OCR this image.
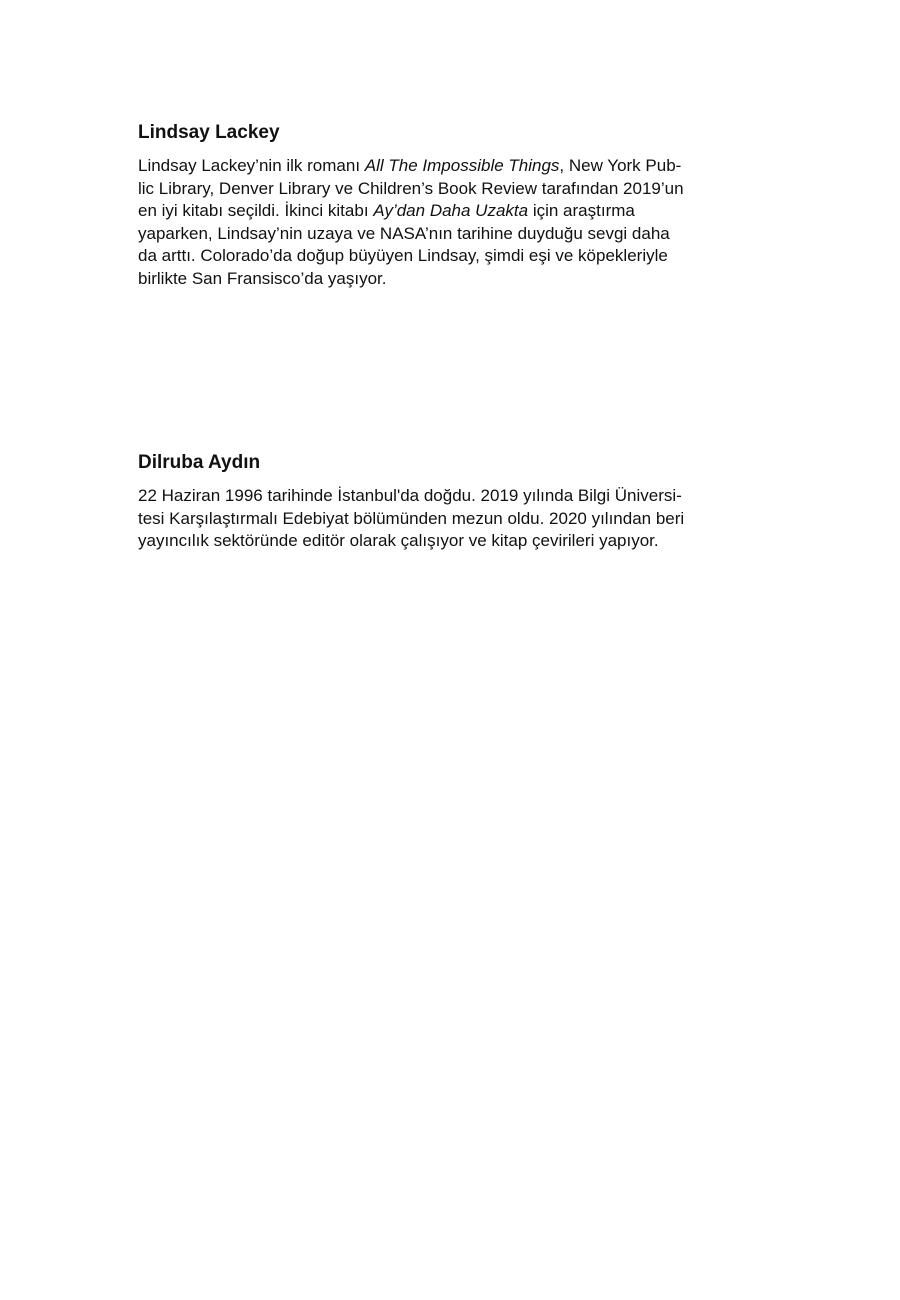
Lindsay Lackey
Lindsay Lackey’nin ilk romanı All The Impossible Things, New York Pub-
lic Library, Denver Library ve Children’s Book Review tarafından 2019’un
en iyi kitabı seçildi. İkinci kitabı Ay’dan Daha Uzakta için araştırma
yaparken, Lindsay’nin uzaya ve NASA’nın tarihine duyduğu sevgi daha
da arttı. Colorado’da doğup büyüyen Lindsay, şimdi eşi ve köpekleriyle
birlikte San Fransisco’da yaşıyor.
Dilruba Aydın
22 Haziran 1996 tarihinde İstanbul'da doğdu. 2019 yılında Bilgi Üniversi-
tesi Karşılaştırmalı Edebiyat bölümünden mezun oldu. 2020 yılından beri
yayıncılık sektöründe editör olarak çalışıyor ve kitap çevirileri yapıyor.
